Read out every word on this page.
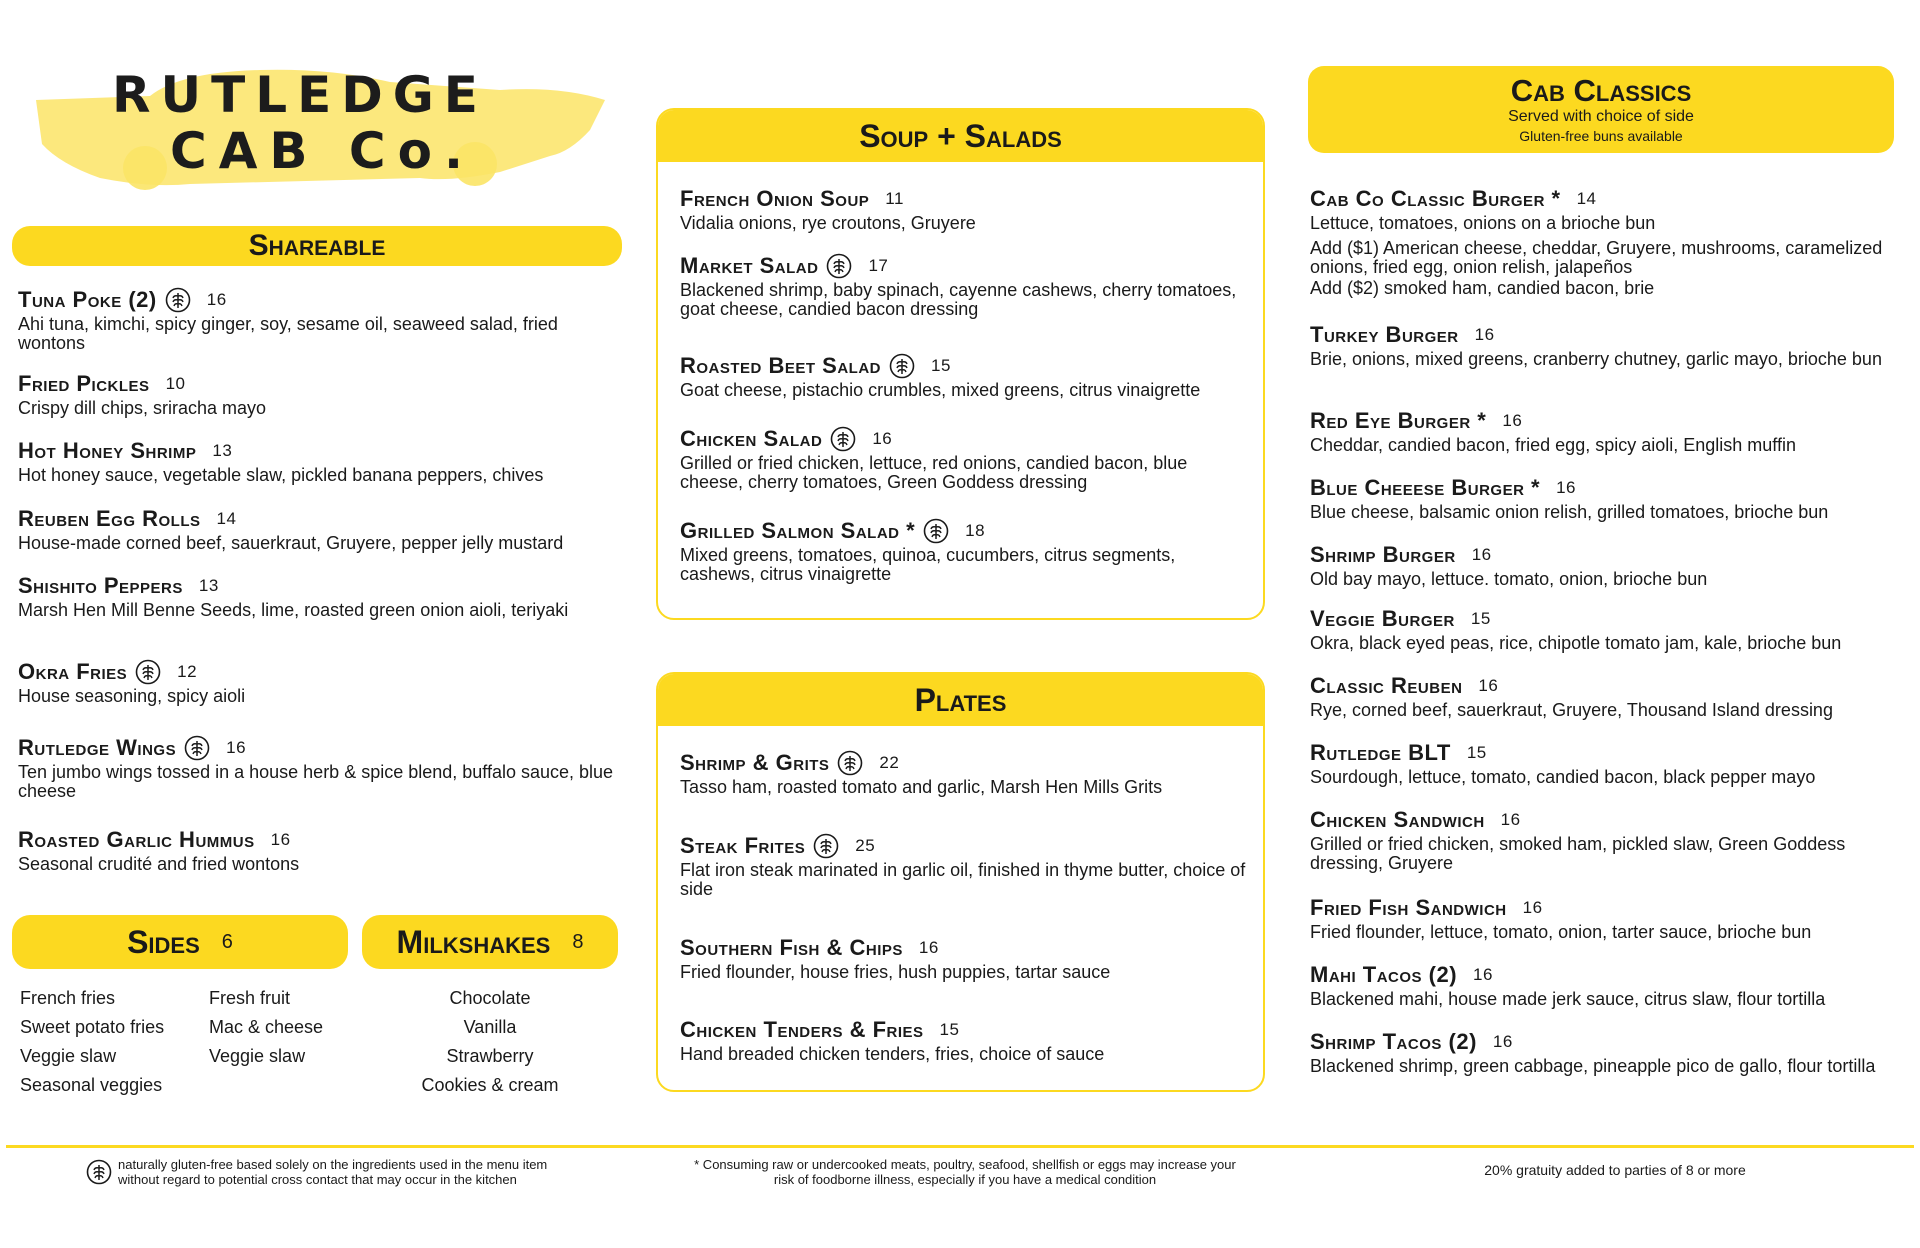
RUTLEDGE
CAB Co.
Shareable
Tuna Poke (2)	16
Ahi tuna, kimchi, spicy ginger, soy, sesame oil, seaweed salad, fried wontons
Fried Pickles 10
Crispy dill chips, sriracha mayo
Hot Honey Shrimp 13
Hot honey sauce, vegetable slaw, pickled banana peppers, chives
Reuben Egg Rolls 14
House-made corned beef, sauerkraut, Gruyere, pepper jelly mustard
Shishito Peppers 13
Marsh Hen Mill Benne Seeds, lime, roasted green onion aioli, teriyaki
Okra Fries	12
House seasoning, spicy aioli
Rutledge Wings	16
Ten jumbo wings tossed in a house herb & spice blend, buffalo sauce, blue cheese
Roasted Garlic Hummus 16
Seasonal crudité and fried wontons
Sides 6
French fries
Sweet potato fries
Veggie slaw
Seasonal veggies
Fresh fruit
Mac & cheese
Veggie slaw
Milkshakes 8
Chocolate
Vanilla
Strawberry
Cookies & cream
Soup + Salads
French Onion Soup 11
Vidalia onions, rye croutons, Gruyere
Market Salad	17
Blackened shrimp, baby spinach, cayenne cashews, cherry tomatoes, goat cheese, candied bacon dressing
Roasted Beet Salad	15
Goat cheese, pistachio crumbles, mixed greens, citrus vinaigrette
Chicken Salad	16
Grilled or fried chicken, lettuce, red onions, candied bacon, blue cheese, cherry tomatoes, Green Goddess dressing
Grilled Salmon Salad *	18
Mixed greens, tomatoes, quinoa, cucumbers, citrus segments, cashews, citrus vinaigrette
Plates
Shrimp & Grits	22
Tasso ham, roasted tomato and garlic, Marsh Hen Mills Grits
Steak Frites	25
Flat iron steak marinated in garlic oil, finished in thyme butter, choice of side
Southern Fish & Chips 16
Fried flounder, house fries, hush puppies, tartar sauce
Chicken Tenders & Fries 15
Hand breaded chicken tenders, fries, choice of sauce
Cab Classics
Served with choice of side
Gluten-free buns available
Cab Co Classic Burger * 14
Lettuce, tomatoes, onions on a brioche bun
Add ($1) American cheese, cheddar, Gruyere, mushrooms, caramelized onions, fried egg, onion relish, jalapeños
Add ($2) smoked ham, candied bacon, brie
Turkey Burger 16
Brie, onions, mixed greens, cranberry chutney, garlic mayo, brioche bun
Red Eye Burger * 16
Cheddar, candied bacon, fried egg, spicy aioli, English muffin
Blue Cheeese Burger * 16
Blue cheese, balsamic onion relish, grilled tomatoes, brioche bun
Shrimp Burger 16
Old bay mayo, lettuce. tomato, onion, brioche bun
Veggie Burger 15
Okra, black eyed peas, rice, chipotle tomato jam, kale, brioche bun
Classic Reuben 16
Rye, corned beef, sauerkraut, Gruyere, Thousand Island dressing
Rutledge BLT 15
Sourdough, lettuce, tomato, candied bacon, black pepper mayo
Chicken Sandwich 16
Grilled or fried chicken, smoked ham, pickled slaw, Green Goddess dressing, Gruyere
Fried Fish Sandwich 16
Fried flounder, lettuce, tomato, onion, tarter sauce, brioche bun
Mahi Tacos (2) 16
Blackened mahi, house made jerk sauce, citrus slaw, flour tortilla
Shrimp Tacos (2) 16
Blackened shrimp, green cabbage, pineapple pico de gallo, flour tortilla
naturally gluten-free based solely on the ingredients used in the menu item
without regard to potential cross contact that may occur in the kitchen
* Consuming raw or undercooked meats, poultry, seafood, shellfish or eggs may increase your
risk of foodborne illness, especially if you have a medical condition
20% gratuity added to parties of 8 or more
